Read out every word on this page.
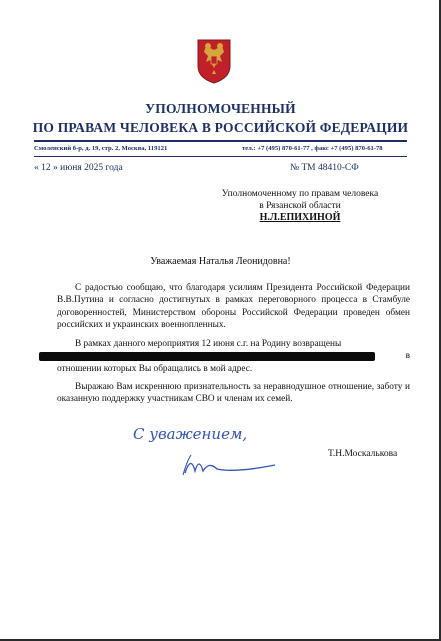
УПОЛНОМОЧЕННЫЙ
ПО ПРАВАМ ЧЕЛОВЕКА В РОССИЙСКОЙ ФЕДЕРАЦИИ
Смоленский б-р, д. 19, стр. 2, Москва, 119121	тел.: +7 (495) 870-61-77 , факс +7 (495) 870-61-78
« 12 » июня 2025 года	№ ТМ 48410-СФ
Уполномоченному по правам человека
в Рязанской области
Н.Л.ЕПИХИНОЙ
Уважаемая Наталья Леонидовна!
С радостью сообщаю, что благодаря усилиям Президента Российской Федерации В.В.Путина и согласно достигнутых в рамках переговорного процесса в Стамбуле договоренностей, Министерством обороны Российской Федерации проведен обмен российских и украинских военнопленных.
В рамках данного мероприятия 12 июня с.г. на Родину возвращены
в отношении которых Вы обращались в мой адрес.
Выражаю Вам искреннюю признательность за неравнодушное отношение, заботу и оказанную поддержку участникам СВО и членам их семей.
С уважением,
Т.Н.Москалькова
